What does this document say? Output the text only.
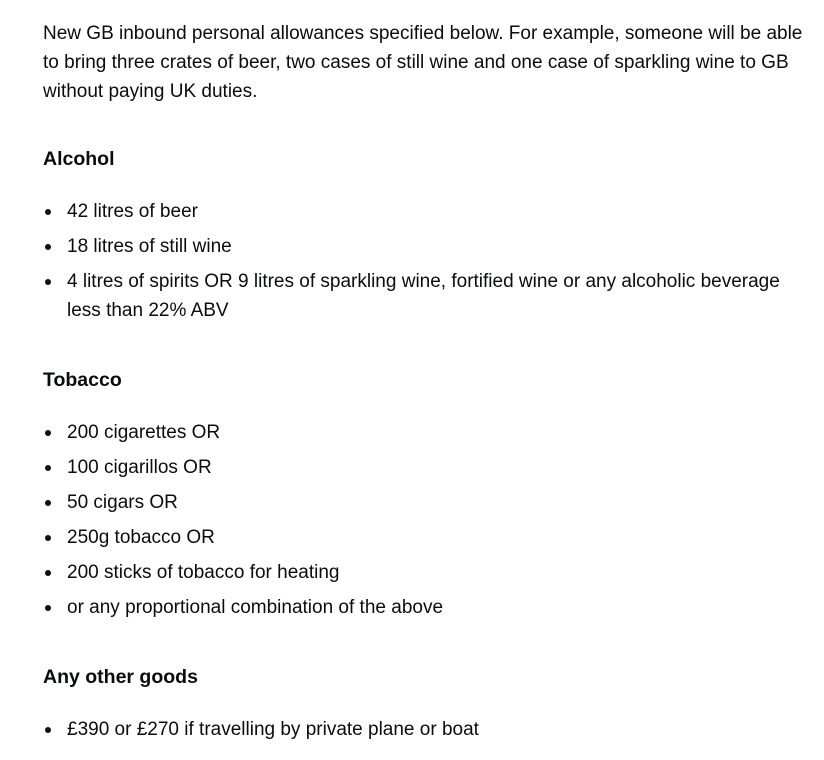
New GB inbound personal allowances specified below. For example, someone will be able to bring three crates of beer, two cases of still wine and one case of sparkling wine to GB without paying UK duties.

Alcohol
42 litres of beer
18 litres of still wine
4 litres of spirits OR 9 litres of sparkling wine, fortified wine or any alcoholic beverage less than 22% ABV
Tobacco
200 cigarettes OR
100 cigarillos OR
50 cigars OR
250g tobacco OR
200 sticks of tobacco for heating
or any proportional combination of the above
Any other goods
£390 or £270 if travelling by private plane or boat
